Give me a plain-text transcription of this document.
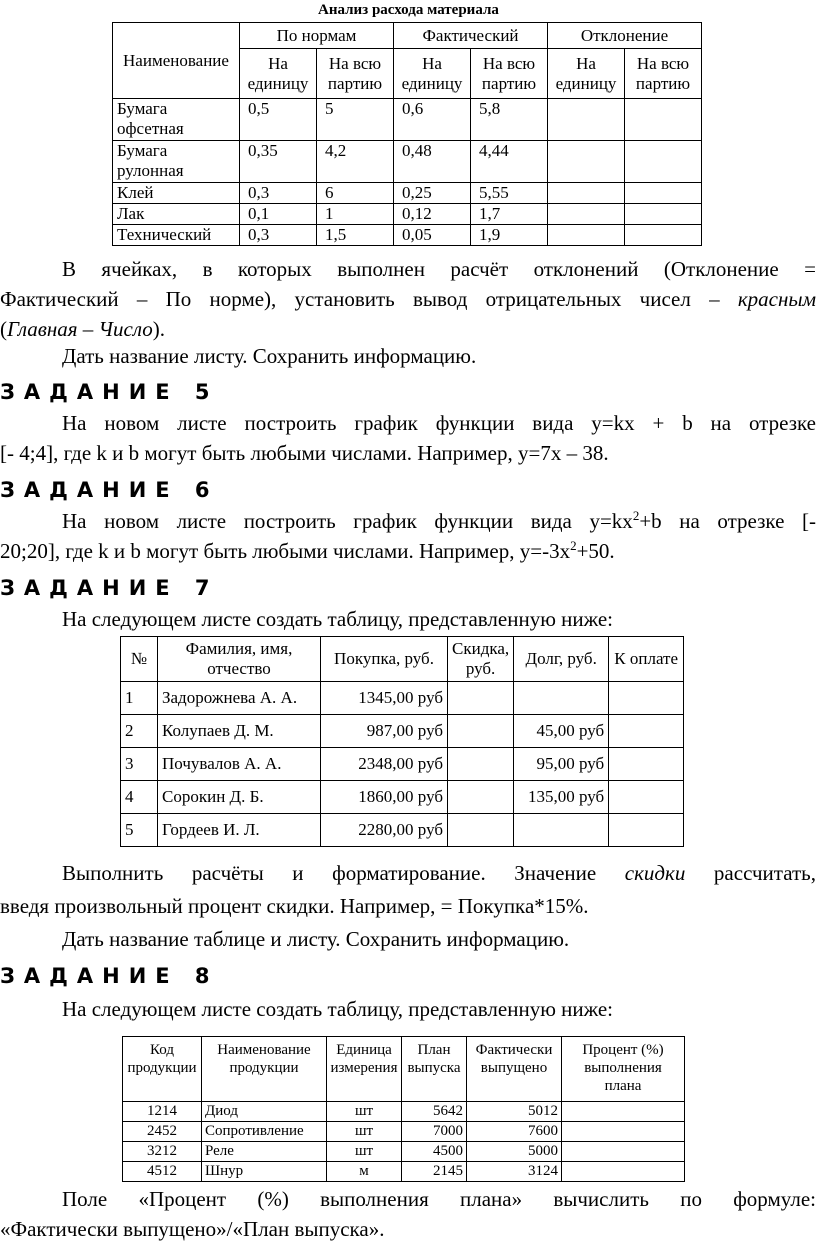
Анализ расхода материала
Наименование	По нормам		Фактический		Отклонение	
	На единицу	На всю партию	На единицу	На всю партию	На единицу	На всю партию
Бумага офсетная	0,5	5	0,6	5,8		
Бумага рулонная	0,35	4,2	0,48	4,44		
Клей	0,3	6	0,25	5,55		
Лак	0,1	1	0,12	1,7		
Технический	0,3	1,5	0,05	1,9		
В ячейках, в которых выполнен расчёт отклонений (Отклонение =
Фактический – По норме), установить вывод отрицательных чисел – красным
(Главная – Число).
Дать название листу. Сохранить информацию.
ЗАДАНИЕ 5
На новом листе построить график функции вида y=kx + b на отрезке
[- 4;4], где k и b могут быть любыми числами. Например, y=7x – 38.
ЗАДАНИЕ 6
На новом листе построить график функции вида $y=kx^2+b$ на отрезке [-
20;20], где k и b могут быть любыми числами. Например, $y=-3x^2+50$.
ЗАДАНИЕ 7
На следующем листе создать таблицу, представленную ниже:
№	Фамилия, имя, отчество	Покупка, руб.	Скидка, руб.	Долг, руб.	К оплате
1	Задорожнева А. А.	1345,00 руб			
2	Колупаев Д. М.	987,00 руб		45,00 руб	
3	Почувалов А. А.	2348,00 руб		95,00 руб	
4	Сорокин Д. Б.	1860,00 руб		135,00 руб	
5	Гордеев И. Л.	2280,00 руб			
Выполнить расчёты и форматирование. Значение скидки рассчитать,
введя произвольный процент скидки. Например, = Покупка*15%.
Дать название таблице и листу. Сохранить информацию.
ЗАДАНИЕ 8
На следующем листе создать таблицу, представленную ниже:
Код продукции	Наименование продукции	Единица измерения	План выпуска	Фактически выпущено	Процент (%) выполнения плана
1214	Диод	шт	5642	5012	
2452	Сопротивление	шт	7000	7600	
3212	Реле	шт	4500	5000	
4512	Шнур	м	2145	3124	
Поле «Процент (%) выполнения плана» вычислить по формуле:
«Фактически выпущено»/«План выпуска».
